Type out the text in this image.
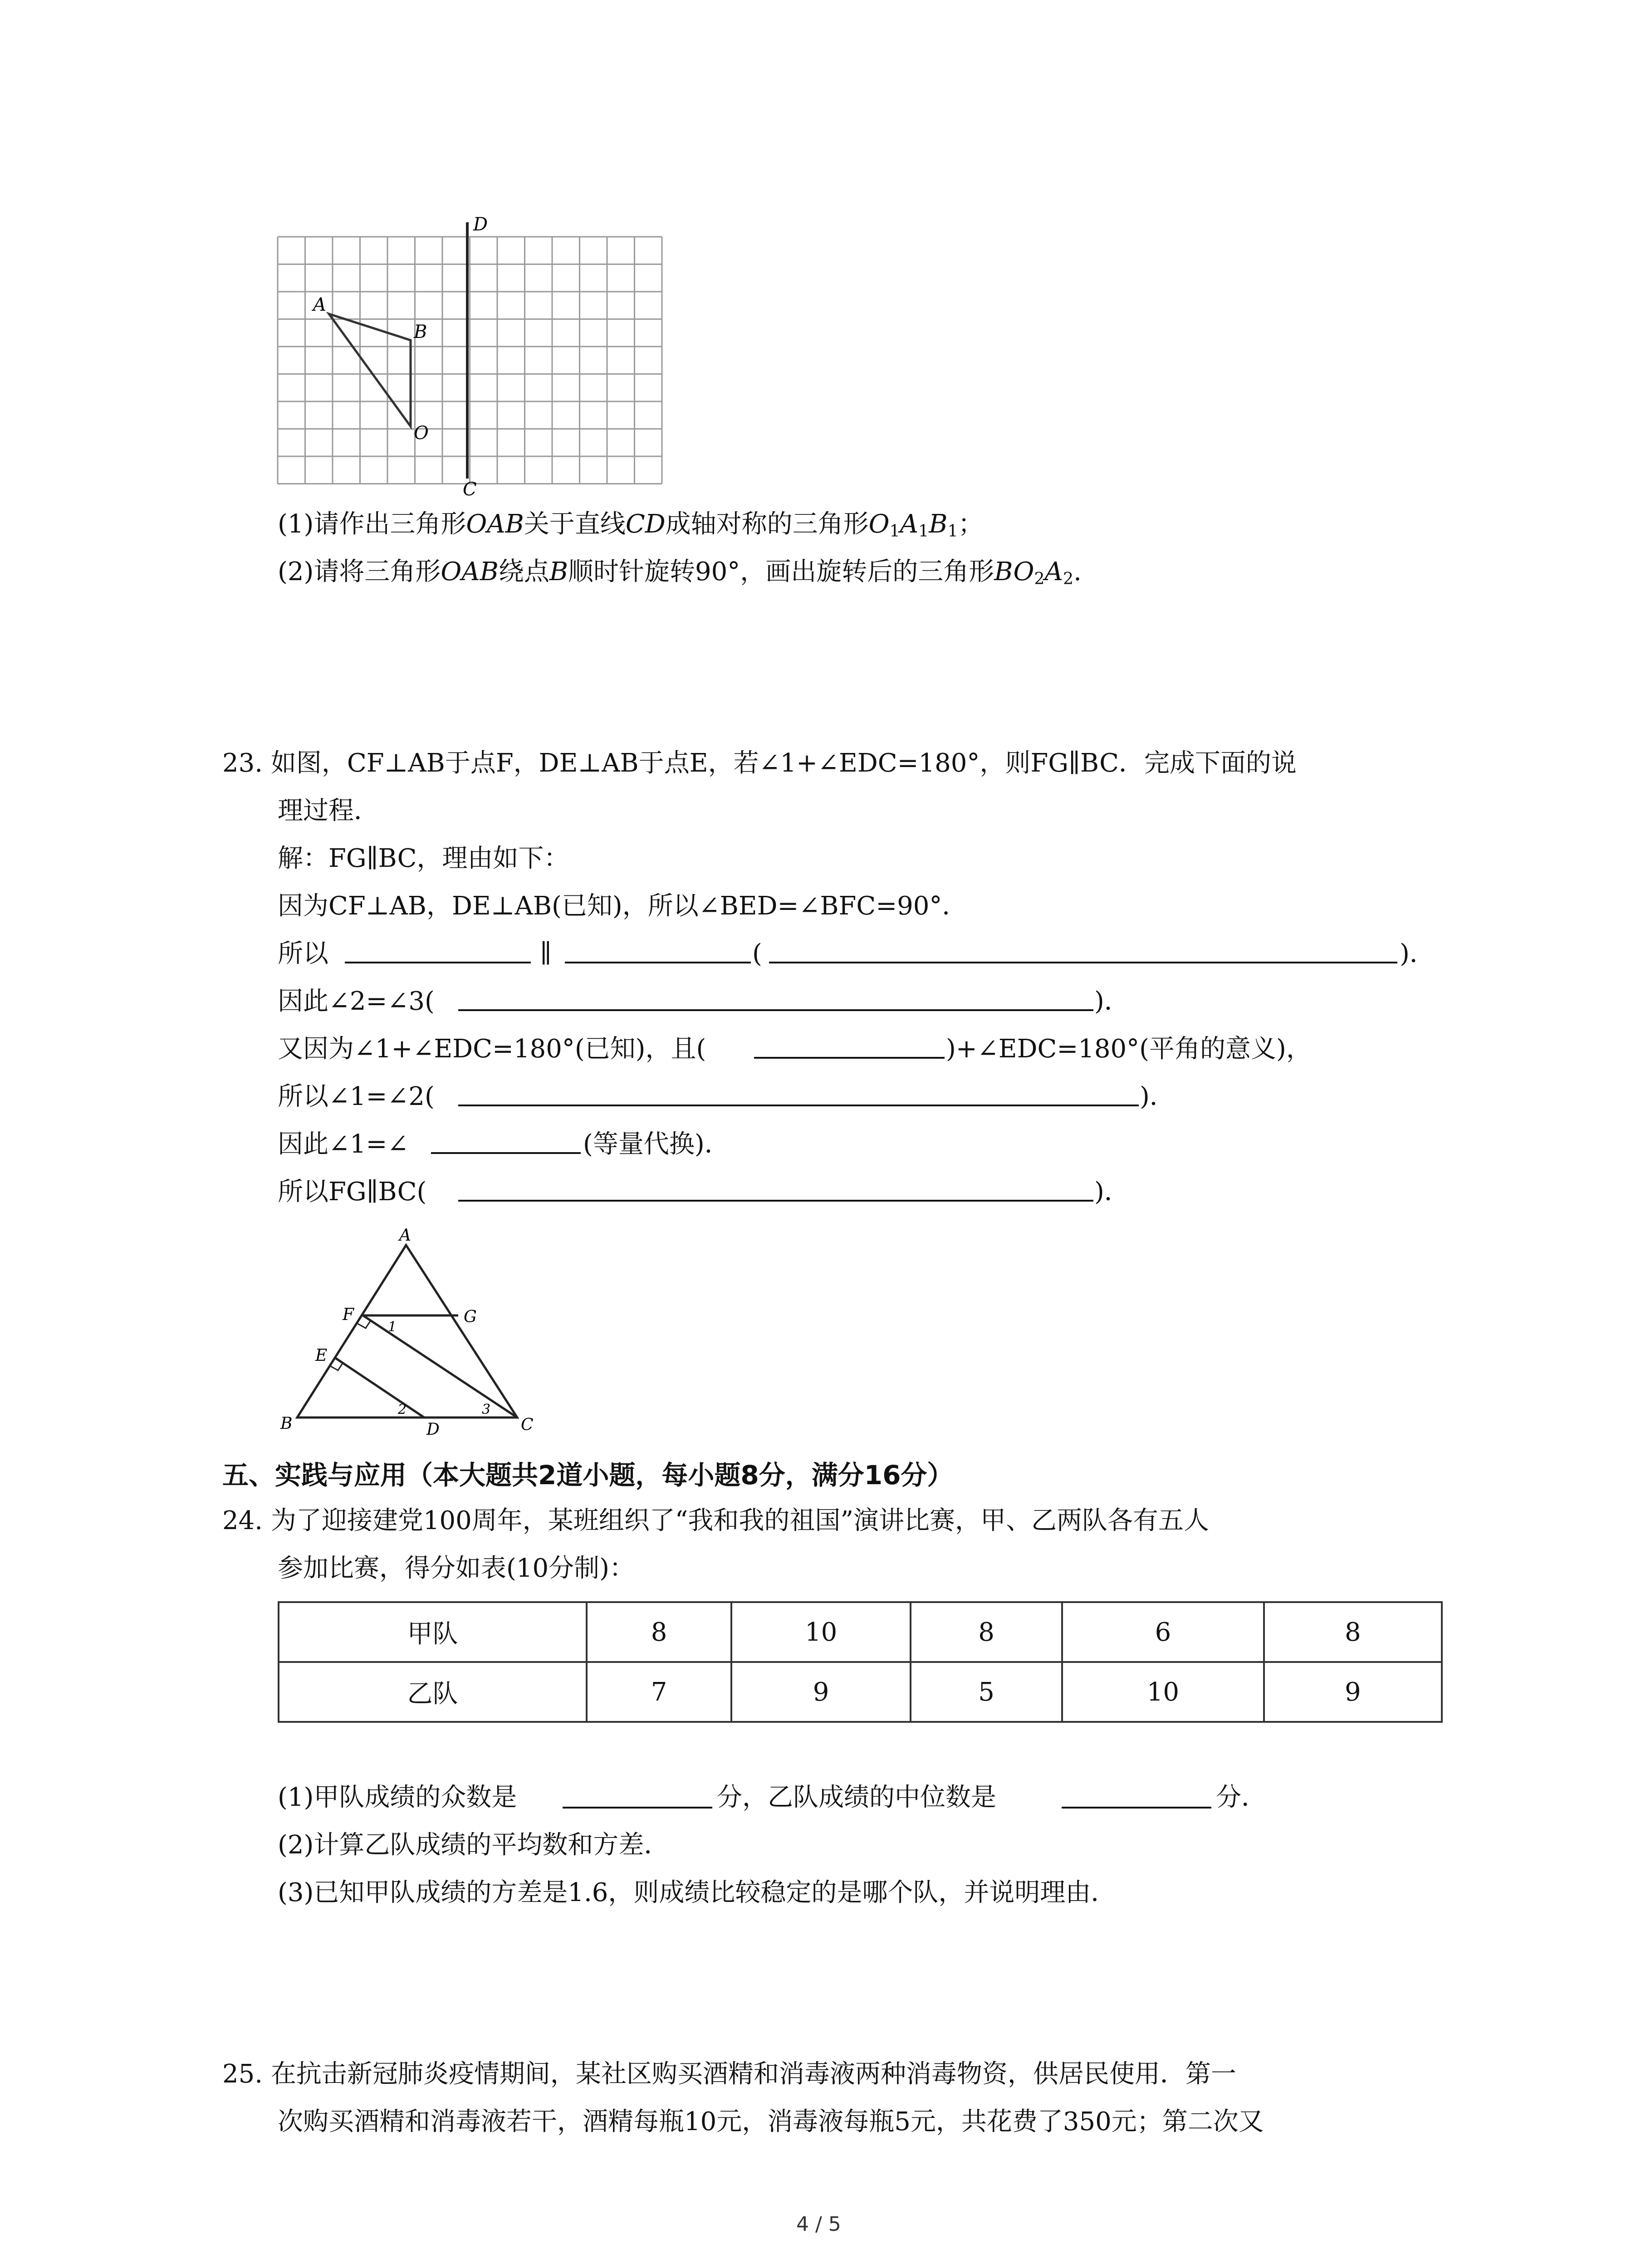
D
C
A
B
O
(1)请作出三角形OAB关于直线CD成轴对称的三角形$O_1A_1B_1$；
(2)请将三角形OAB绕点B顺时针旋转90°，画出旋转后的三角形$BO_2A_2$.
23. 如图，CF⊥AB于点F，DE⊥AB于点E，若∠1+∠EDC=180°，则FG∥BC．完成下面的说
理过程．
解：FG∥BC，理由如下：
因为CF⊥AB，DE⊥AB(已知)，所以∠BED=∠BFC=90°．
所以	∥	(	)．
因此∠2=∠3(	)．
又因为∠1+∠EDC=180°(已知)，且(	)+∠EDC=180°(平角的意义)，
所以∠1=∠2(	)．
因此∠1=∠	(等量代换)．
所以FG∥BC(	)．
A
F	G
E
B	D	C
1
2	3
五、实践与应用（本大题共2道小题，每小题8分，满分16分）
24. 为了迎接建党100周年，某班组织了“我和我的祖国”演讲比赛，甲、乙两队各有五人
参加比赛，得分如表(10分制)：
甲队	8	10	8	6	8
乙队	7	9	5	10	9
(1)甲队成绩的众数是	分，乙队成绩的中位数是	分．
(2)计算乙队成绩的平均数和方差．
(3)已知甲队成绩的方差是1.6，则成绩比较稳定的是哪个队，并说明理由．
25. 在抗击新冠肺炎疫情期间，某社区购买酒精和消毒液两种消毒物资，供居民使用．第一
次购买酒精和消毒液若干，酒精每瓶10元，消毒液每瓶5元，共花费了350元；第二次又
4 / 5
